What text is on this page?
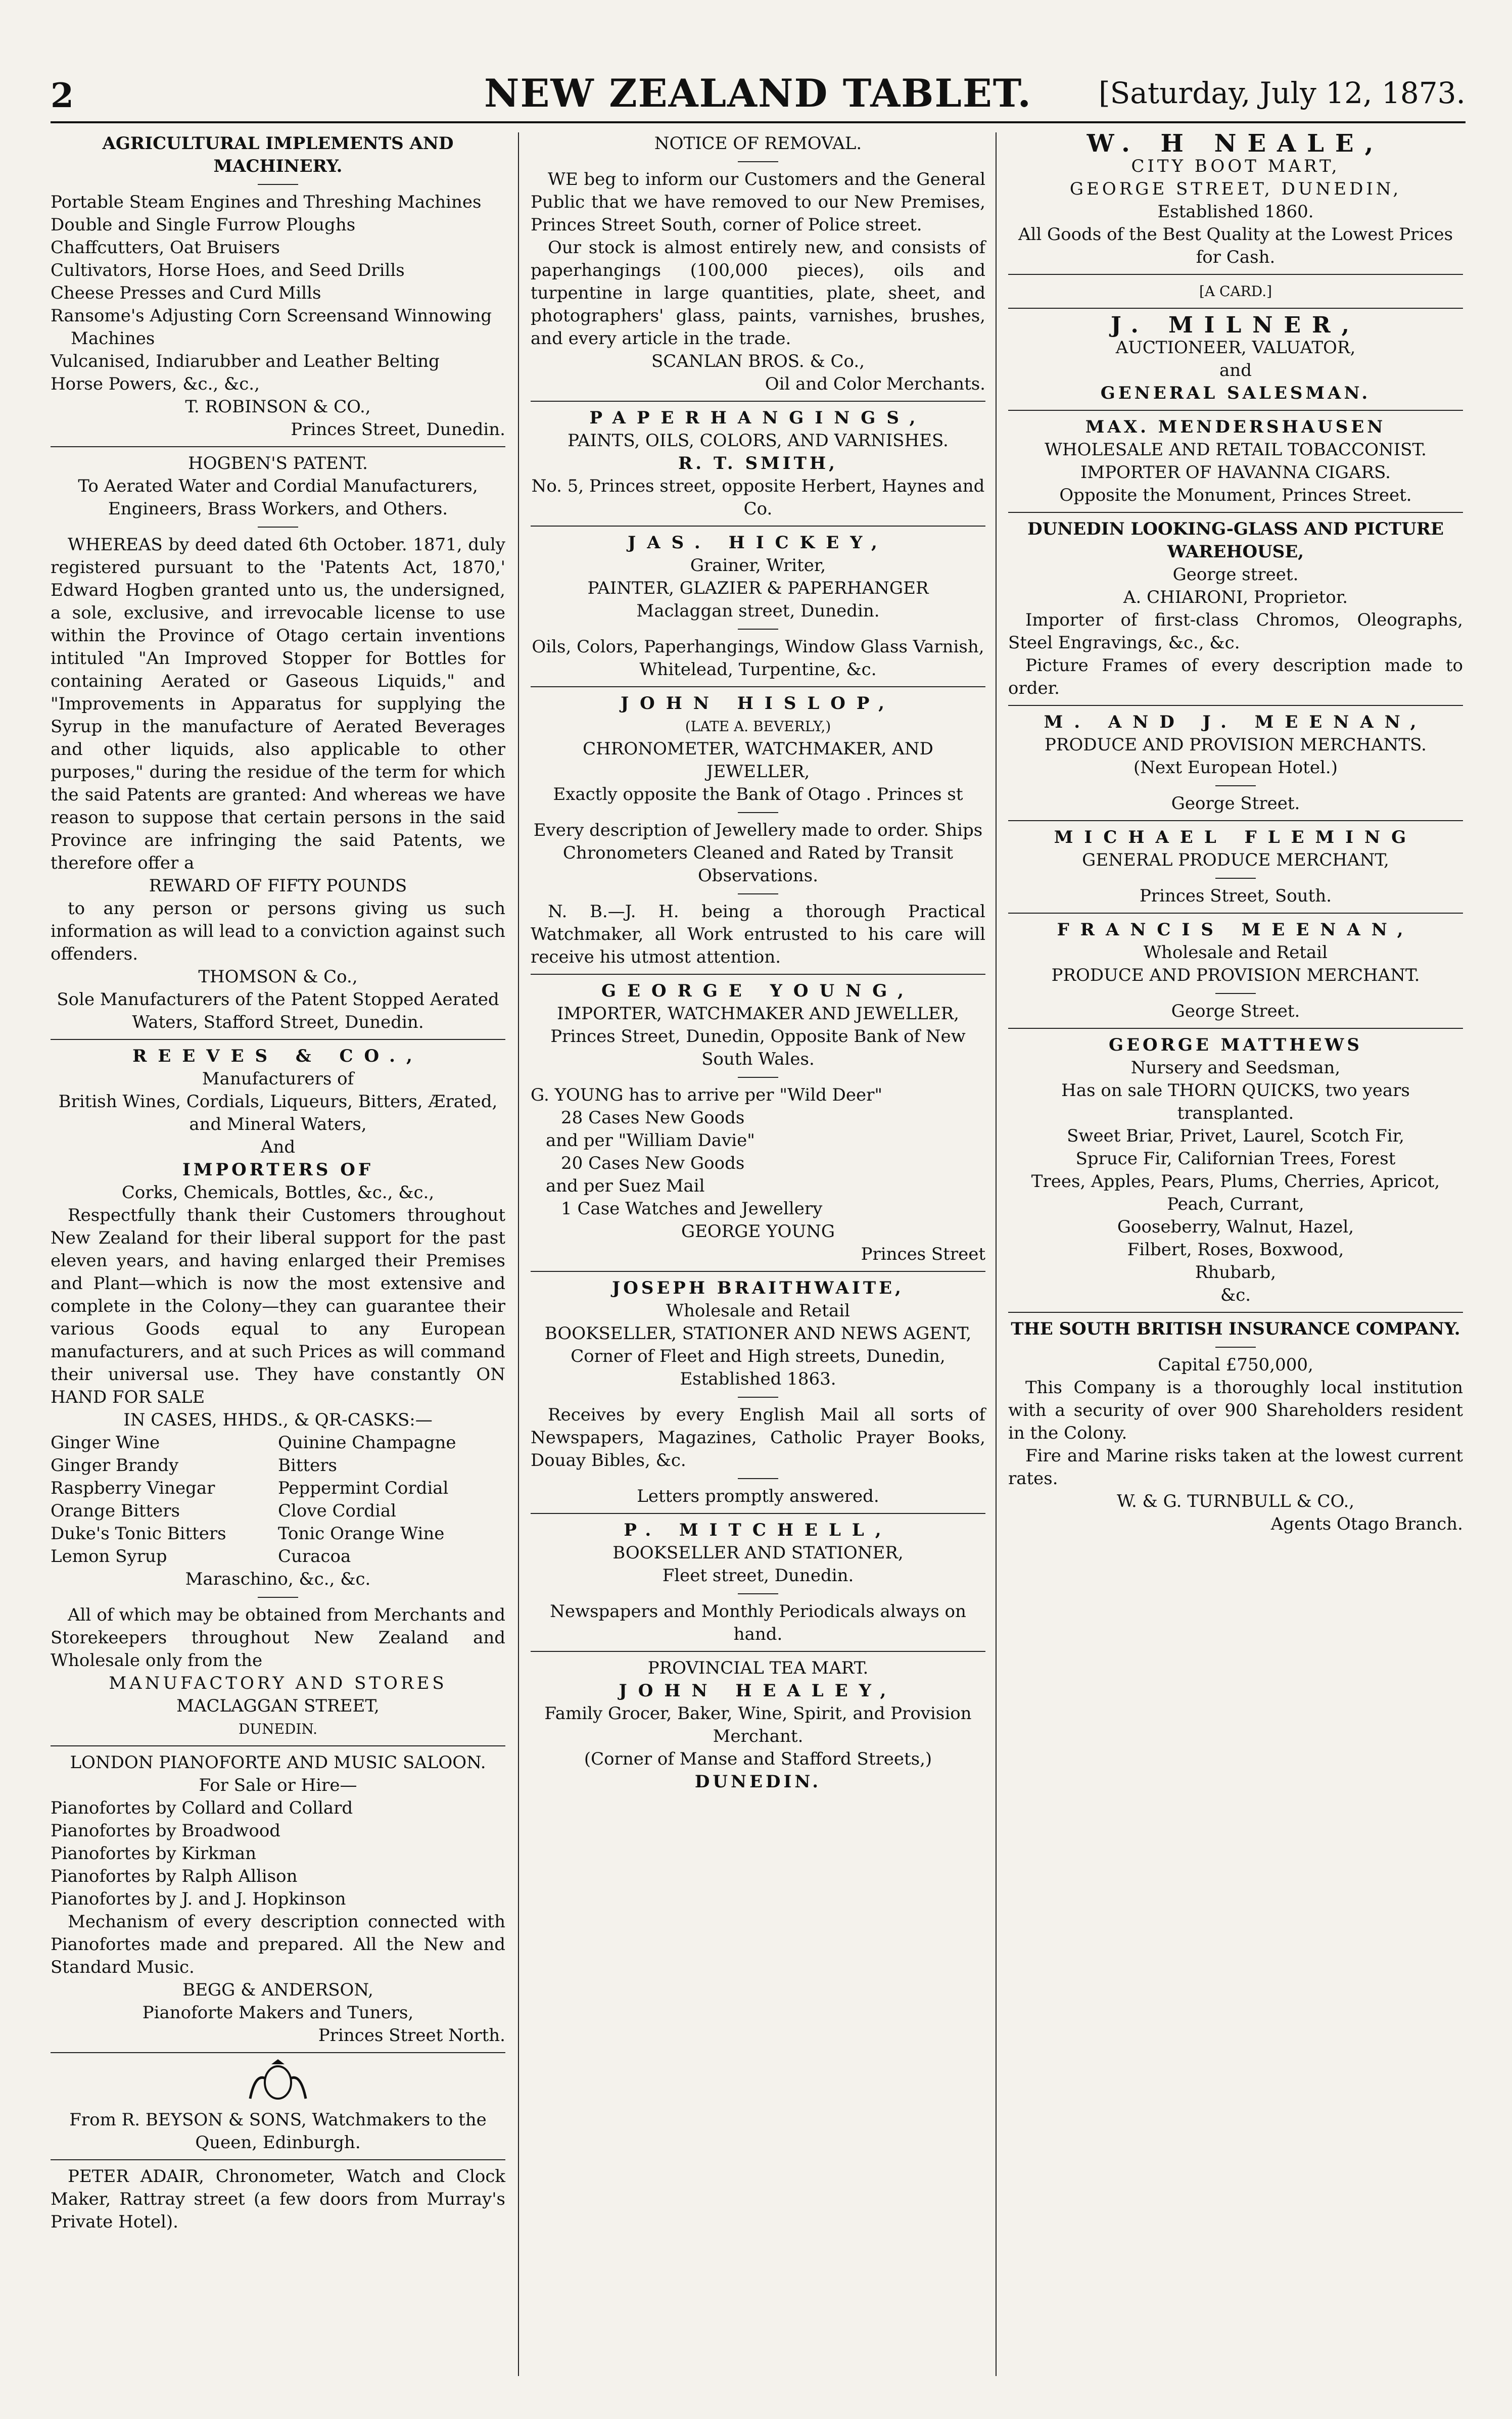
2	NEW ZEALAND TABLET.	[Saturday, July 12, 1873.
AGRICULTURAL IMPLEMENTS AND MACHINERY.
Portable Steam Engines and Threshing Machines
Double and Single Furrow Ploughs
Chaffcutters, Oat Bruisers
Cultivators, Horse Hoes, and Seed Drills
Cheese Presses and Curd Mills
Ransome's Adjusting Corn Screensand Winnowing Machines
Vulcanised, Indiarubber and Leather Belting
Horse Powers, &c., &c.,
T. ROBINSON & CO.,
Princes Street, Dunedin.
HOGBEN'S PATENT.
To Aerated Water and Cordial Manufacturers, Engineers, Brass Workers, and Others.
WHEREAS by deed dated 6th October. 1871, duly registered pursuant to the 'Patents Act, 1870,' Edward Hogben granted unto us, the undersigned, a sole, exclusive, and irrevocable license to use within the Province of Otago certain inventions intituled "An Improved Stopper for Bottles for containing Aerated or Gaseous Liquids," and "Improvements in Apparatus for supplying the Syrup in the manufacture of Aerated Beverages and other liquids, also applicable to other purposes," during the residue of the term for which the said Patents are granted: And whereas we have reason to suppose that certain persons in the said Province are infringing the said Patents, we therefore offer a
REWARD OF FIFTY POUNDS
to any person or persons giving us such information as will lead to a conviction against such offenders.
THOMSON & Co.,
Sole Manufacturers of the Patent Stopped Aerated Waters, Stafford Street, Dunedin.
REEVES & CO.,
Manufacturers of
British Wines, Cordials, Liqueurs, Bitters, Ærated, and Mineral Waters,
And
IMPORTERS OF
Corks, Chemicals, Bottles, &c., &c.,
Respectfully thank their Customers throughout New Zealand for their liberal support for the past eleven years, and having enlarged their Premises and Plant—which is now the most extensive and complete in the Colony—they can guarantee their various Goods equal to any European manufacturers, and at such Prices as will command their universal use. They have constantly ON HAND FOR SALE
IN CASES, HHDS., & QR-CASKS:—
Ginger Wine	Quinine Champagne
Ginger Brandy	Bitters
Raspberry Vinegar	Peppermint Cordial
Orange Bitters	Clove Cordial
Duke's Tonic Bitters	Tonic Orange Wine
Lemon Syrup	Curacoa
Maraschino, &c., &c.
All of which may be obtained from Merchants and Storekeepers throughout New Zealand and Wholesale only from the
MANUFACTORY AND STORES
MACLAGGAN STREET,
DUNEDIN.
LONDON PIANOFORTE AND MUSIC SALOON.
For Sale or Hire—
Pianofortes by Collard and Collard
Pianofortes by Broadwood
Pianofortes by Kirkman
Pianofortes by Ralph Allison
Pianofortes by J. and J. Hopkinson
Mechanism of every description connected with Pianofortes made and prepared. All the New and Standard Music.
BEGG & ANDERSON,
Pianoforte Makers and Tuners,
Princes Street North.
From R. BEYSON & SONS, Watchmakers to the Queen, Edinburgh.
PETER ADAIR, Chronometer, Watch and Clock Maker, Rattray street (a few doors from Murray's Private Hotel).
NOTICE OF REMOVAL.
WE beg to inform our Customers and the General Public that we have removed to our New Premises, Princes Street South, corner of Police street.
Our stock is almost entirely new, and consists of paperhangings (100,000 pieces), oils and turpentine in large quantities, plate, sheet, and photographers' glass, paints, varnishes, brushes, and every article in the trade.
SCANLAN BROS. & Co.,
Oil and Color Merchants.
PAPERHANGINGS,
PAINTS, OILS, COLORS, AND VARNISHES.
R. T. SMITH,
No. 5, Princes street, opposite Herbert, Haynes and Co.
JAS. HICKEY,
Grainer, Writer,
PAINTER, GLAZIER & PAPERHANGER
Maclaggan street, Dunedin.
Oils, Colors, Paperhangings, Window Glass Varnish, Whitelead, Turpentine, &c.
JOHN HISLOP,
(LATE A. BEVERLY,)
CHRONOMETER, WATCHMAKER, AND JEWELLER,
Exactly opposite the Bank of Otago . Princes st
Every description of Jewellery made to order. Ships Chronometers Cleaned and Rated by Transit Observations.
N. B.—J. H. being a thorough Practical Watchmaker, all Work entrusted to his care will receive his utmost attention.
GEORGE YOUNG,
IMPORTER, WATCHMAKER AND JEWELLER,
Princes Street, Dunedin, Opposite Bank of New South Wales.
G. YOUNG has to arrive per "Wild Deer"
28 Cases New Goods
and per "William Davie"
20 Cases New Goods
and per Suez Mail
1 Case Watches and Jewellery
GEORGE YOUNG
Princes Street
JOSEPH BRAITHWAITE,
Wholesale and Retail
BOOKSELLER, STATIONER AND NEWS AGENT,
Corner of Fleet and High streets, Dunedin,
Established 1863.
Receives by every English Mail all sorts of Newspapers, Magazines, Catholic Prayer Books, Douay Bibles, &c.
Letters promptly answered.
P. MITCHELL,
BOOKSELLER AND STATIONER,
Fleet street, Dunedin.
Newspapers and Monthly Periodicals always on hand.
PROVINCIAL TEA MART.
JOHN HEALEY,
Family Grocer, Baker, Wine, Spirit, and Provision Merchant.
(Corner of Manse and Stafford Streets,)
DUNEDIN.
W. H NEALE,
CITY BOOT MART,
GEORGE STREET, DUNEDIN,
Established 1860.
All Goods of the Best Quality at the Lowest Prices for Cash.
[A CARD.]
J. MILNER,
AUCTIONEER, VALUATOR,
and
GENERAL SALESMAN.
MAX. MENDERSHAUSEN
WHOLESALE AND RETAIL TOBACCONIST.
IMPORTER OF HAVANNA CIGARS.
Opposite the Monument, Princes Street.
DUNEDIN LOOKING-GLASS AND PICTURE WAREHOUSE,
George street.
A. CHIARONI, Proprietor.
Importer of first-class Chromos, Oleographs, Steel Engravings, &c., &c.
Picture Frames of every description made to order.
M. AND J. MEENAN,
PRODUCE AND PROVISION MERCHANTS.
(Next European Hotel.)
George Street.
MICHAEL FLEMING
GENERAL PRODUCE MERCHANT,
Princes Street, South.
FRANCIS MEENAN,
Wholesale and Retail
PRODUCE AND PROVISION MERCHANT.
George Street.
GEORGE MATTHEWS
Nursery and Seedsman,
Has on sale THORN QUICKS, two years transplanted.
Sweet Briar, Privet, Laurel, Scotch Fir,
Spruce Fir, Californian Trees, Forest
Trees, Apples, Pears, Plums, Cherries, Apricot, Peach, Currant,
Gooseberry, Walnut, Hazel,
Filbert, Roses, Boxwood,
Rhubarb,
&c.
THE SOUTH BRITISH INSURANCE COMPANY.
Capital £750,000,
This Company is a thoroughly local institution with a security of over 900 Shareholders resident in the Colony.
Fire and Marine risks taken at the lowest current rates.
W. & G. TURNBULL & CO.,
Agents Otago Branch.
